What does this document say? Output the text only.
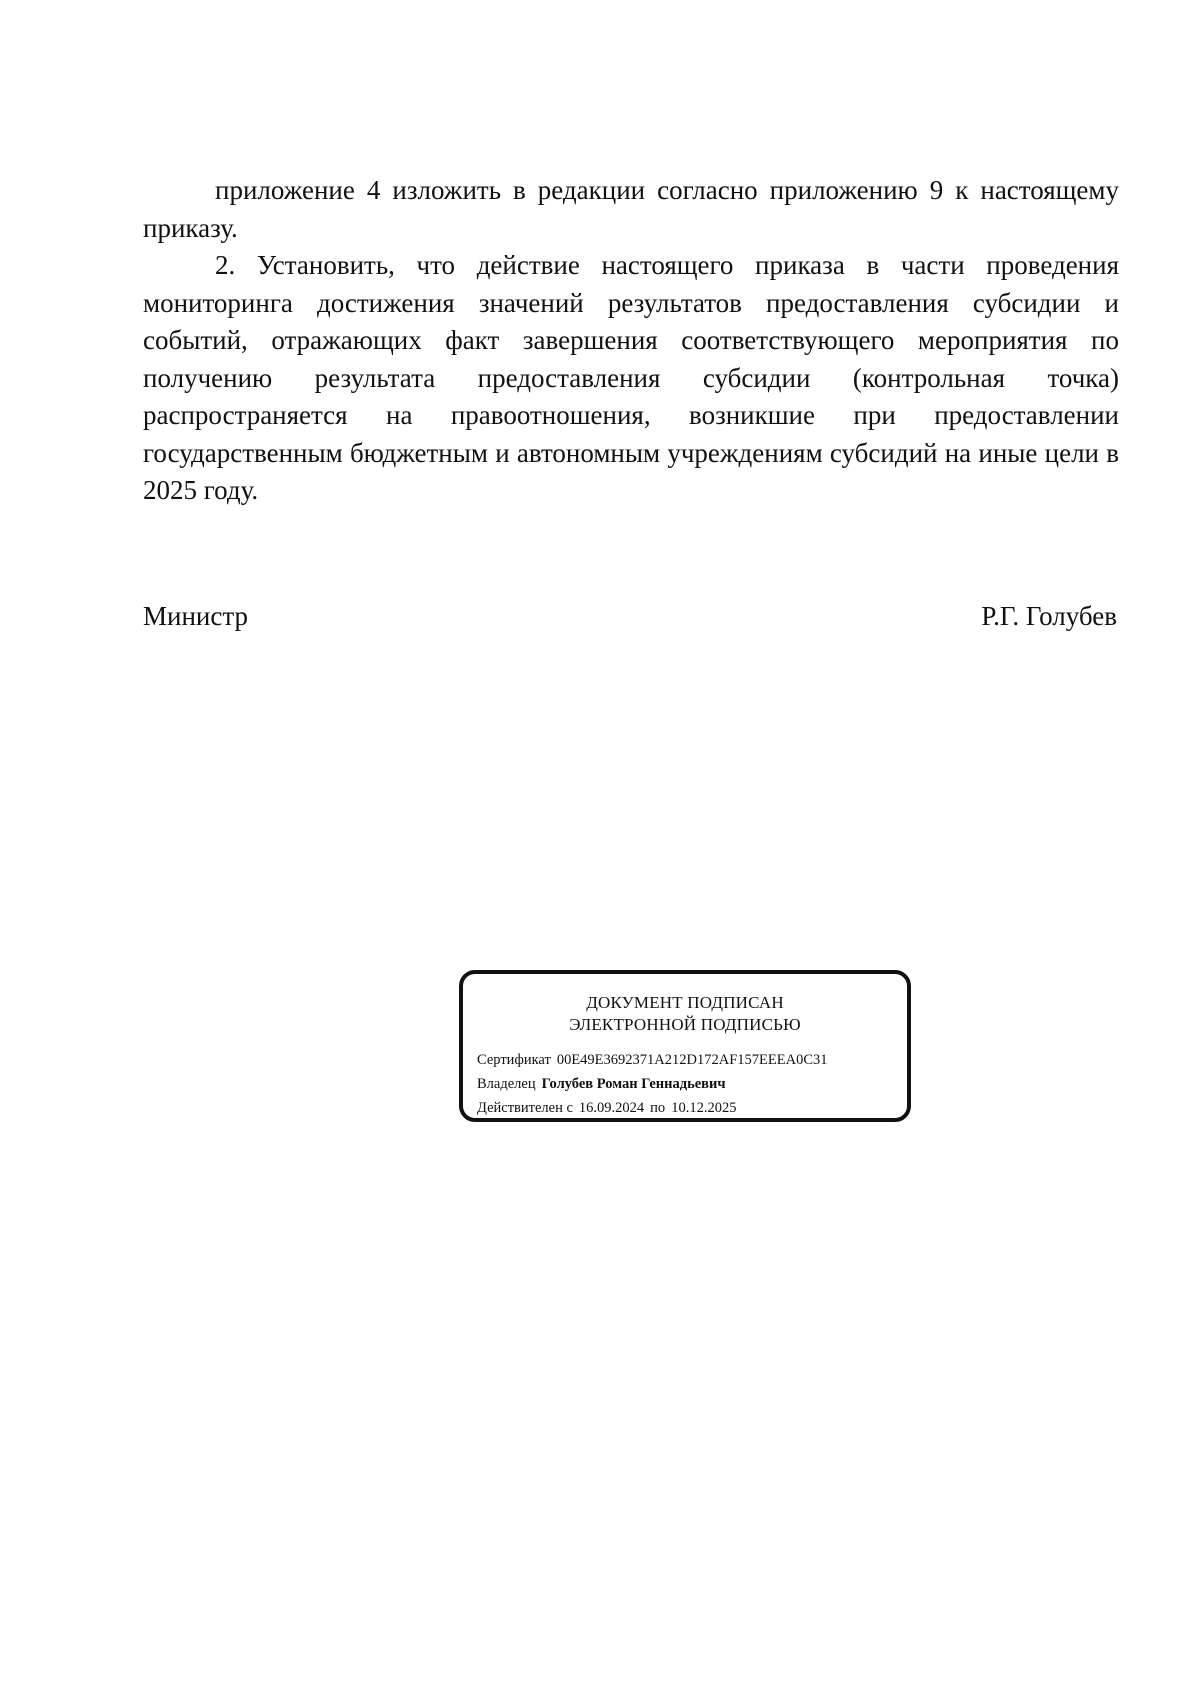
приложение 4 изложить в редакции согласно приложению 9 к настоящему приказу.

2. Установить, что действие настоящего приказа в части проведения мониторинга достижения значений результатов предоставления субсидии и событий, отражающих факт завершения соответствующего мероприятия по получению результата предоставления субсидии (контрольная точка) распространяется на правоотношения, возникшие при предоставлении государственным бюджетным и автономным учреждениям субсидий на иные цели в 2025 году.

Министр	Р.Г. Голубев
ДОКУМЕНТ ПОДПИСАН
ЭЛЕКТРОННОЙ ПОДПИСЬЮ
Сертификат 00E49E3692371A212D172AF157EEEA0C31
Владелец Голубев Роман Геннадьевич
Действителен с 16.09.2024 по 10.12.2025
